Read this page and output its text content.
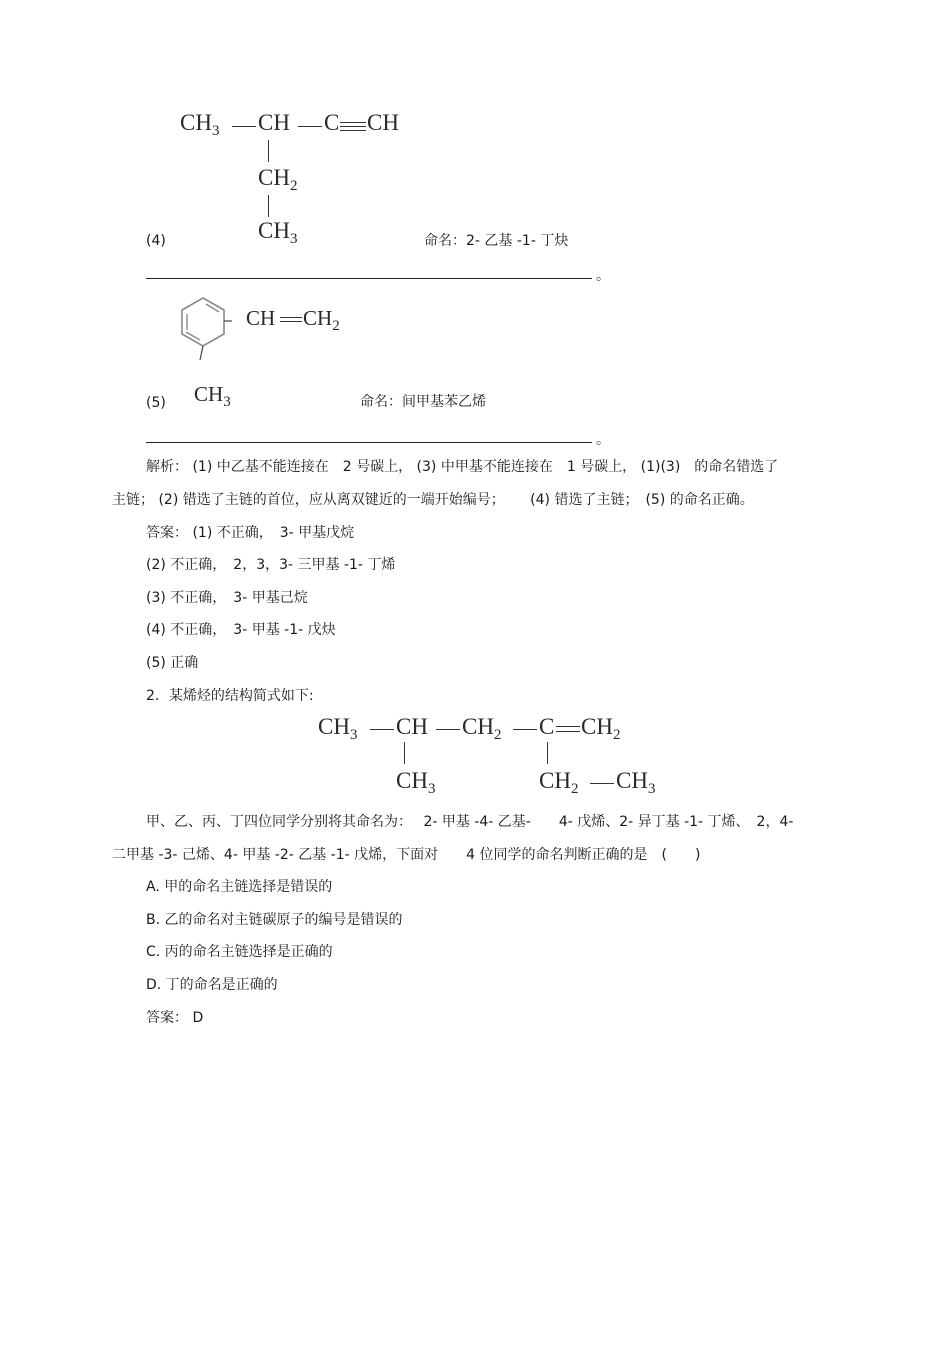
$CH_3$ CH C CH
$CH_2$
$CH_3$
(4)	命名：2- 乙基 -1- 丁炔
。
CH $CH_2$
$CH_3$
(5)	命名：间甲基苯乙烯
。
解析： (1) 中乙基不能连接在　2 号碳上， (3) 中甲基不能连接在　1 号碳上， (1)(3)　的命名错选了
主链； (2) 错选了主链的首位，应从离双键近的一端开始编号；　　 (4) 错选了主链；　(5) 的命名正确。
答案： (1) 不正确，　3- 甲基戊烷
(2) 不正确，　2，3，3- 三甲基 -1- 丁烯
(3) 不正确，　3- 甲基己烷
(4) 不正确，　3- 甲基 -1- 戊炔
(5) 正确
2．某烯烃的结构简式如下:
$CH_3$ CH $CH_2$ C $CH_2$
$CH_3$	$CH_2$ $CH_3$
甲、乙、丙、丁四位同学分别将其命名为：　 2- 甲基 -4- 乙基-　　4- 戊烯、2- 异丁基 -1- 丁烯、　2，4-
二甲基 -3- 己烯、4- 甲基 -2- 乙基 -1- 戊烯，下面对　　4 位同学的命名判断正确的是　(　　)
A. 甲的命名主链选择是错误的
B. 乙的命名对主链碳原子的编号是错误的
C. 丙的命名主链选择是正确的
D. 丁的命名是正确的
答案： D
